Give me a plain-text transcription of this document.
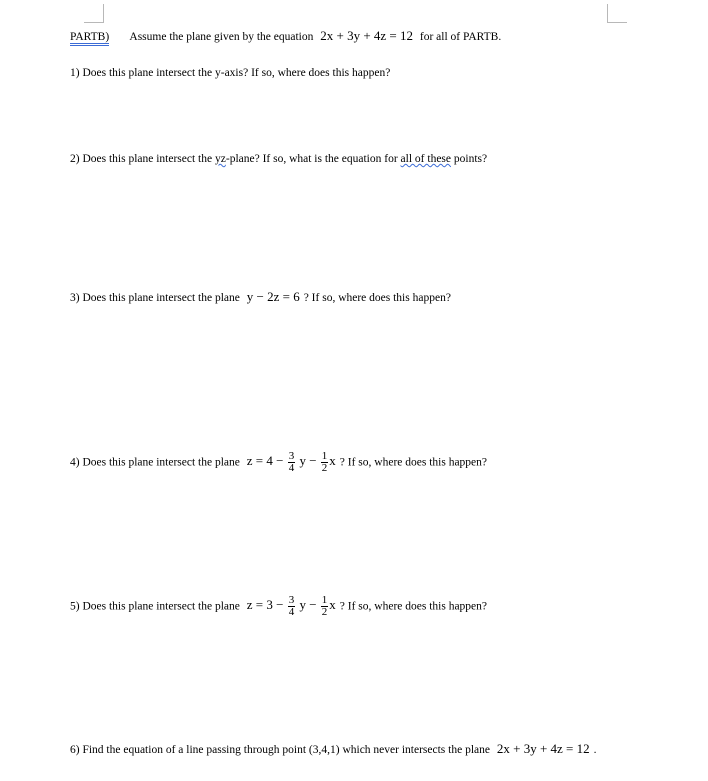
PARTB) Assume the plane given by the equation 2x + 3y + 4z = 12 for all of PARTB.
1) Does this plane intersect the y-axis? If so, where does this happen?
2) Does this plane intersect the yz-plane? If so, what is the equation for all of these points?
3) Does this plane intersect the plane y − 2z = 6 ? If so, where does this happen?
4) Does this plane intersect the plane $z = 4 - \frac{3}{4}$ $y - \frac{1}{2}$ x ? If so, where does this happen?
5) Does this plane intersect the plane $z = 3 - \frac{3}{4}$ $y - \frac{1}{2}$ x ? If so, where does this happen?
6) Find the equation of a line passing through point (3,4,1) which never intersects the plane 2x + 3y + 4z = 12 .
